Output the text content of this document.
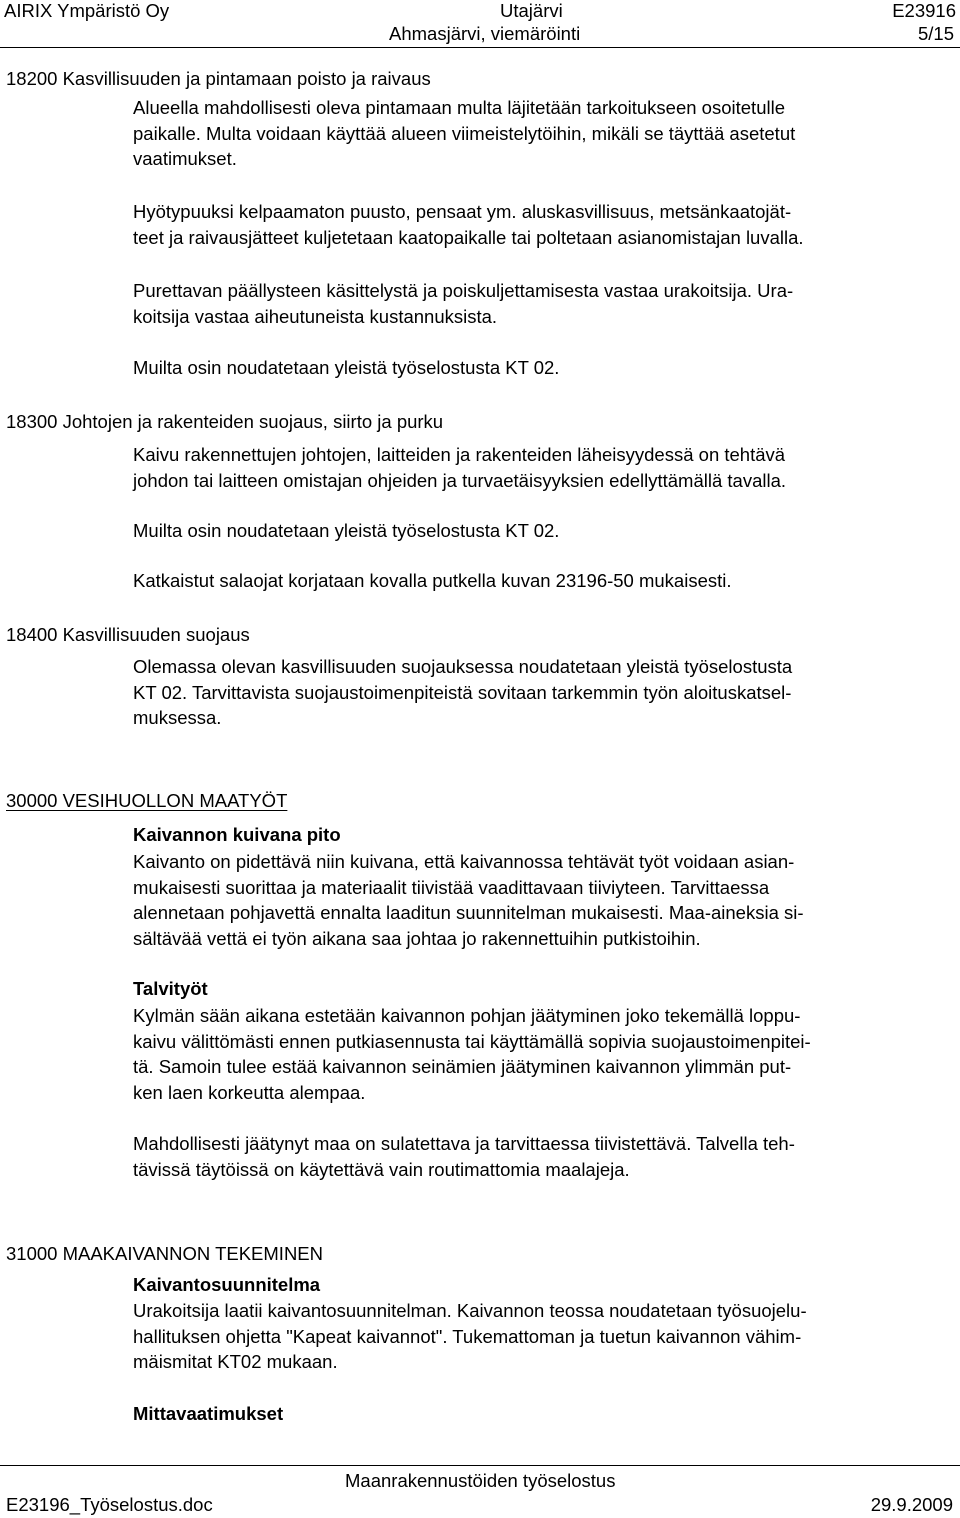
AIRIX Ympäristö Oy	Utajärvi	E23916
Ahmasjärvi, viemäröinti	5/15
18200 Kasvillisuuden ja pintamaan poisto ja raivaus
Alueella mahdollisesti oleva pintamaan multa läjitetään tarkoitukseen osoitetulle
paikalle. Multa voidaan käyttää alueen viimeistelytöihin, mikäli se täyttää asetetut
vaatimukset.
Hyötypuuksi kelpaamaton puusto, pensaat ym. aluskasvillisuus, metsänkaatojät-
teet ja raivausjätteet kuljetetaan kaatopaikalle tai poltetaan asianomistajan luvalla.
Purettavan päällysteen käsittelystä ja poiskuljettamisesta vastaa urakoitsija. Ura-
koitsija vastaa aiheutuneista kustannuksista.
Muilta osin noudatetaan yleistä työselostusta KT 02.
18300 Johtojen ja rakenteiden suojaus, siirto ja purku
Kaivu rakennettujen johtojen, laitteiden ja rakenteiden läheisyydessä on tehtävä
johdon tai laitteen omistajan ohjeiden ja turvaetäisyyksien edellyttämällä tavalla.
Muilta osin noudatetaan yleistä työselostusta KT 02.
Katkaistut salaojat korjataan kovalla putkella kuvan 23196-50 mukaisesti.
18400 Kasvillisuuden suojaus
Olemassa olevan kasvillisuuden suojauksessa noudatetaan yleistä työselostusta
KT 02. Tarvittavista suojaustoimenpiteistä sovitaan tarkemmin työn aloituskatsel-
muksessa.
30000 VESIHUOLLON MAATYÖT
Kaivannon kuivana pito
Kaivanto on pidettävä niin kuivana, että kaivannossa tehtävät työt voidaan asian-
mukaisesti suorittaa ja materiaalit tiivistää vaadittavaan tiiviyteen. Tarvittaessa
alennetaan pohjavettä ennalta laaditun suunnitelman mukaisesti. Maa-aineksia si-
sältävää vettä ei työn aikana saa johtaa jo rakennettuihin putkistoihin.
Talvityöt
Kylmän sään aikana estetään kaivannon pohjan jäätyminen joko tekemällä loppu-
kaivu välittömästi ennen putkiasennusta tai käyttämällä sopivia suojaustoimenpitei-
tä. Samoin tulee estää kaivannon seinämien jäätyminen kaivannon ylimmän put-
ken laen korkeutta alempaa.
Mahdollisesti jäätynyt maa on sulatettava ja tarvittaessa tiivistettävä. Talvella teh-
tävissä täytöissä on käytettävä vain routimattomia maalajeja.
31000 MAAKAIVANNON TEKEMINEN
Kaivantosuunnitelma
Urakoitsija laatii kaivantosuunnitelman. Kaivannon teossa noudatetaan työsuojelu-
hallituksen ohjetta "Kapeat kaivannot". Tukemattoman ja tuetun kaivannon vähim-
mäismitat KT02 mukaan.
Mittavaatimukset
Maanrakennustöiden työselostus
E23196_Työselostus.doc	29.9.2009
